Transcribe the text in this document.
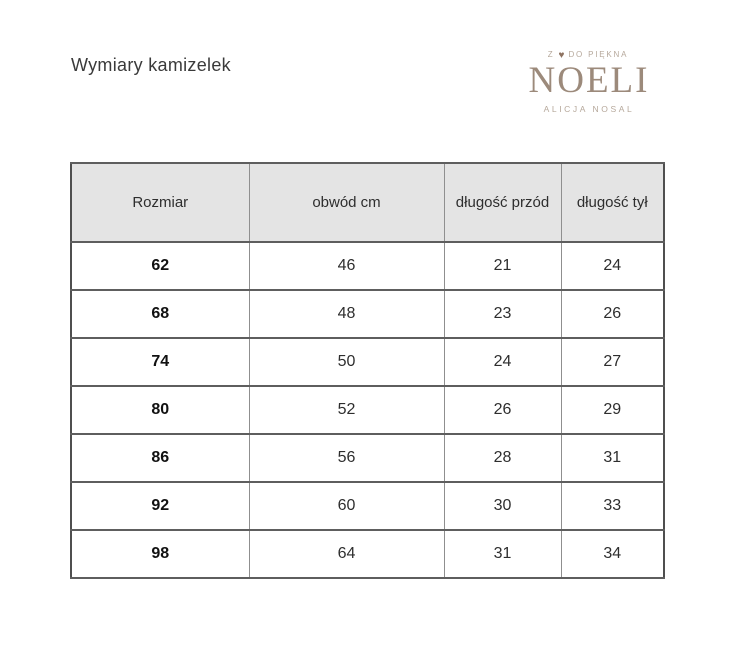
Wymiary kamizelek
Z ♥ DO PIĘKNA
NOELI
ALICJA NOSAL
Rozmiar	obwód cm	długość przód	długość tył
62	46	21	24
68	48	23	26
74	50	24	27
80	52	26	29
86	56	28	31
92	60	30	33
98	64	31	34
